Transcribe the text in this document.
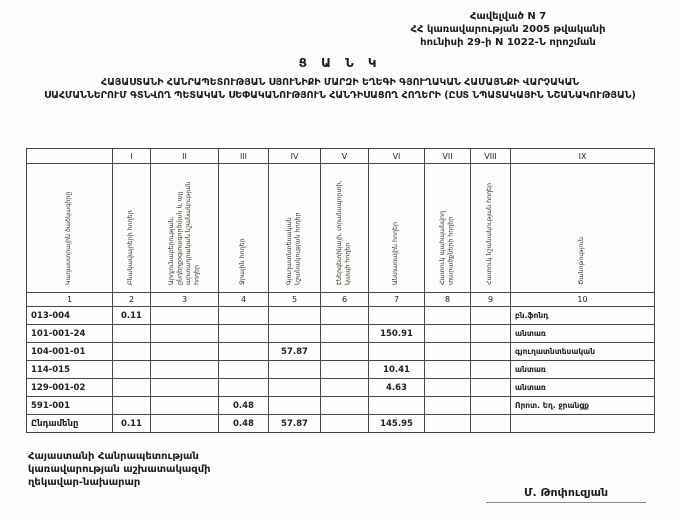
Հավելված N 7
ՀՀ կառավարության 2005 թվականի
հունիսի 29-ի N 1022-Ն որոշման
Ց Ա Ն Կ
ՀԱՅԱՍՏԱՆԻ ՀԱՆՐԱՊԵՏՈՒԹՅԱՆ ՍՅՈՒՆԻՔԻ ՄԱՐԶԻ ԵՂԵԳԻ ԳՅՈՒՂԱԿԱՆ ՀԱՄԱՅՆՔԻ ՎԱՐՉԱԿԱՆ
ՍԱՀՄԱՆՆԵՐՈՒՄ ԳՏՆՎՈՂ ՊԵՏԱԿԱՆ ՍԵՓԱԿԱՆՈՒԹՅՈՒՆ ՀԱՆԴԻՍԱՑՈՂ ՀՈՂԵՐԻ (ԸՍՏ ՆՊԱՏԱԿԱՅԻՆ ՆՇԱՆԱԿՈՒԹՅԱՆ)
	I	II	III	IV	V	VI	VII	VIII	IX
Կադաստրային ծածկագիրը	Բնակավայրերի հողեր	Արդյունաբերության, ընդերքօգտագործման և այլ արտադրական նշանակության հողեր	Ջրային հողեր	Գյուղատնտեսական նշանակության հողեր	Էներգետիկայի, տրանսպորտի, կապի հողեր	Անտառային հողեր	Հատուկ պահպանվող տարածքների հողեր	Հատուկ նշանակության հողեր	Ծանոթություն
1	2	3	4	5	6	7	8	9	10
013-004	0.11								բն.ֆոնդ
101-001-24						150.91			անտառ
104-001-01				57.87					գյուղատնտեսական
114-015						10.41			անտառ
129-001-02						4.63			անտառ
591-001			0.48						Որոտ. Եղ. ջրանցք
Ընդամենը	0.11		0.48	57.87		145.95			
Հայաստանի Հանրապետության
կառավարության աշխատակազմի
ղեկավար-նախարար
Մ. Թոփուզյան
